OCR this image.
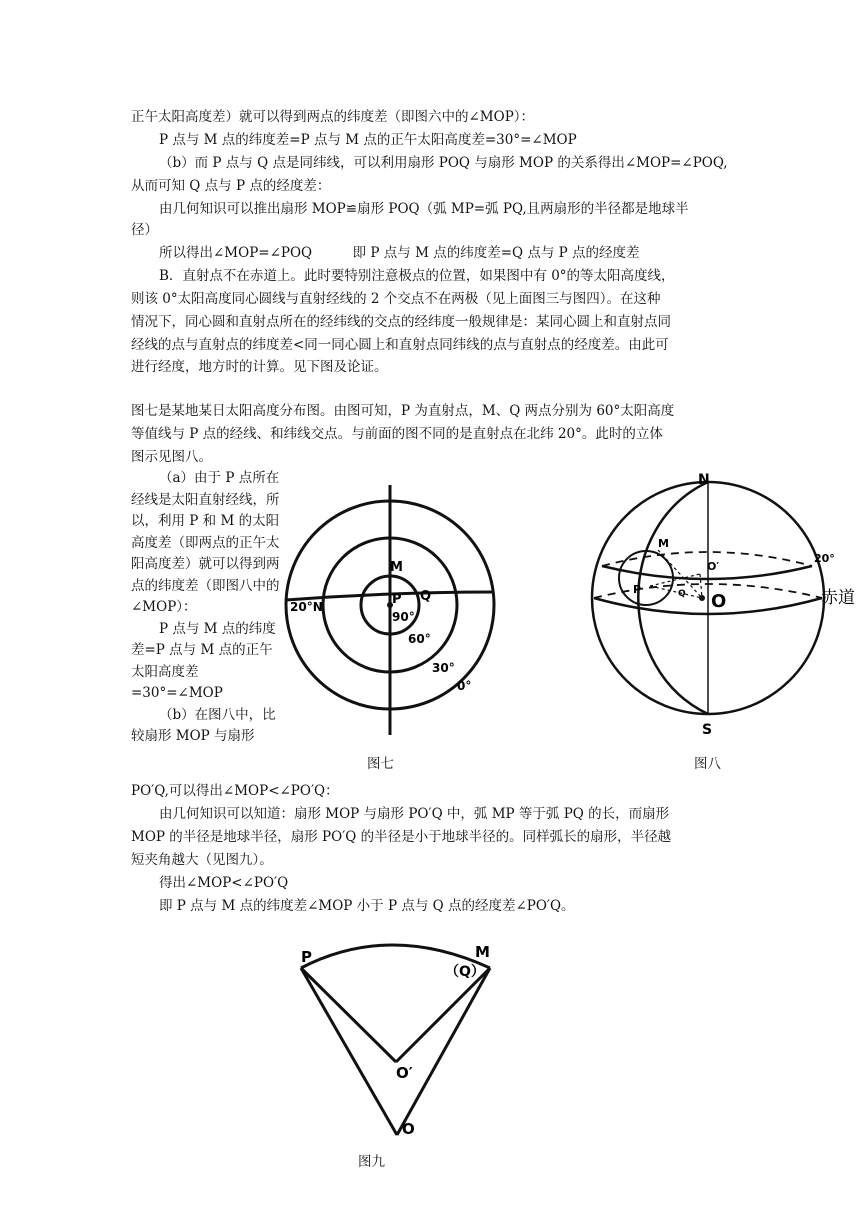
正午太阳高度差）就可以得到两点的纬度差（即图六中的∠MOP）：
P 点与 M 点的纬度差=P 点与 M 点的正午太阳高度差=30°=∠MOP
（b）而 P 点与 Q 点是同纬线，可以利用扇形 POQ 与扇形 MOP 的关系得出∠MOP=∠POQ,
从而可知 Q 点与 P 点的经度差：
由几何知识可以推出扇形 MOP≌扇形 POQ（弧 MP=弧 PQ,且两扇形的半径都是地球半
径）
所以得出∠MOP=∠POQ　　　即 P 点与 M 点的纬度差=Q 点与 P 点的经度差
B．直射点不在赤道上。此时要特别注意极点的位置，如果图中有 0°的等太阳高度线，
则该 0°太阳高度同心圆线与直射经线的 2 个交点不在两极（见上面图三与图四）。在这种
情况下，同心圆和直射点所在的经纬线的交点的经纬度一般规律是：某同心圆上和直射点同
经线的点与直射点的纬度差<同一同心圆上和直射点同纬线的点与直射点的经度差。由此可
进行经度，地方时的计算。见下图及论证。
图七是某地某日太阳高度分布图。由图可知，P 为直射点，M、Q 两点分别为 60°太阳高度
等值线与 P 点的经线、和纬线交点。与前面的图不同的是直射点在北纬 20°。此时的立体
图示见图八。

（a）由于 P 点所在经线是太阳直射经线，所以，利用 P 和 M 的太阳高度差（即两点的正午太阳高度差）就可以得到两点的纬度差（即图八中的∠MOP）：

P 点与 M 点的纬度差=P 点与 M 点的正午太阳高度差=30°=∠MOP

（b）在图八中，比较扇形 MOP 与扇形

M
P Q
20°N
90°
60°
30°
0°
图七
N
S
20°
赤道
M
P	Q
O′
O
图八
PO′Q,可以得出∠MOP<∠PO′Q：
由几何知识可以知道：扇形 MOP 与扇形 PO′Q 中，弧 MP 等于弧 PQ 的长，而扇形
MOP 的半径是地球半径，扇形 PO′Q 的半径是小于地球半径的。同样弧长的扇形，半径越
短夹角越大（见图九）。
得出∠MOP<∠PO′Q
即 P 点与 M 点的纬度差∠MOP 小于 P 点与 Q 点的经度差∠PO′Q。
P	M
（Q）
O′
O
图九
